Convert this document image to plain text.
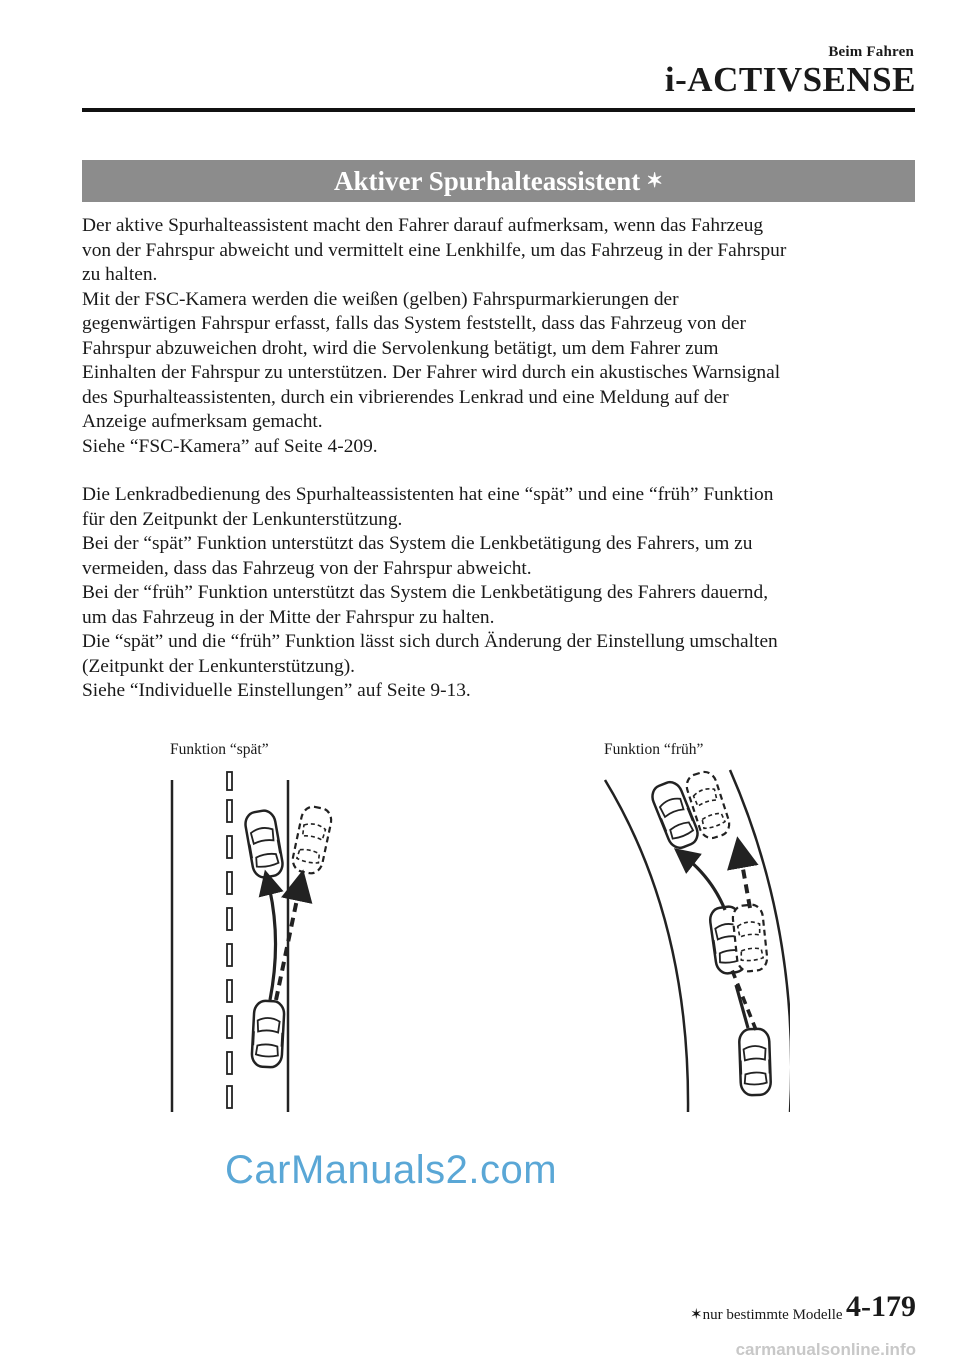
Beim Fahren
i-ACTIVSENSE
Aktiver Spurhalteassistent ✶

Der aktive Spurhalteassistent macht den Fahrer darauf aufmerksam, wenn das Fahrzeug

von der Fahrspur abweicht und vermittelt eine Lenkhilfe, um das Fahrzeug in der Fahrspur

zu halten.

Mit der FSC-Kamera werden die weißen (gelben) Fahrspurmarkierungen der

gegenwärtigen Fahrspur erfasst, falls das System feststellt, dass das Fahrzeug von der

Fahrspur abzuweichen droht, wird die Servolenkung betätigt, um dem Fahrer zum

Einhalten der Fahrspur zu unterstützen. Der Fahrer wird durch ein akustisches Warnsignal

des Spurhalteassistenten, durch ein vibrierendes Lenkrad und eine Meldung auf der

Anzeige aufmerksam gemacht.

Siehe “FSC-Kamera” auf Seite 4-209.

Die Lenkradbedienung des Spurhalteassistenten hat eine “spät” und eine “früh” Funktion

für den Zeitpunkt der Lenkunterstützung.

Bei der “spät” Funktion unterstützt das System die Lenkbetätigung des Fahrers, um zu

vermeiden, dass das Fahrzeug von der Fahrspur abweicht.

Bei der “früh” Funktion unterstützt das System die Lenkbetätigung des Fahrers dauernd,

um das Fahrzeug in der Mitte der Fahrspur zu halten.

Die “spät” und die “früh” Funktion lässt sich durch Änderung der Einstellung umschalten

(Zeitpunkt der Lenkunterstützung).

Siehe “Individuelle Einstellungen” auf Seite 9-13.

Funktion “spät”	Funktion “früh”
CarManuals2.com
✶nur bestimmte Modelle 4-179
carmanualsonline.info
